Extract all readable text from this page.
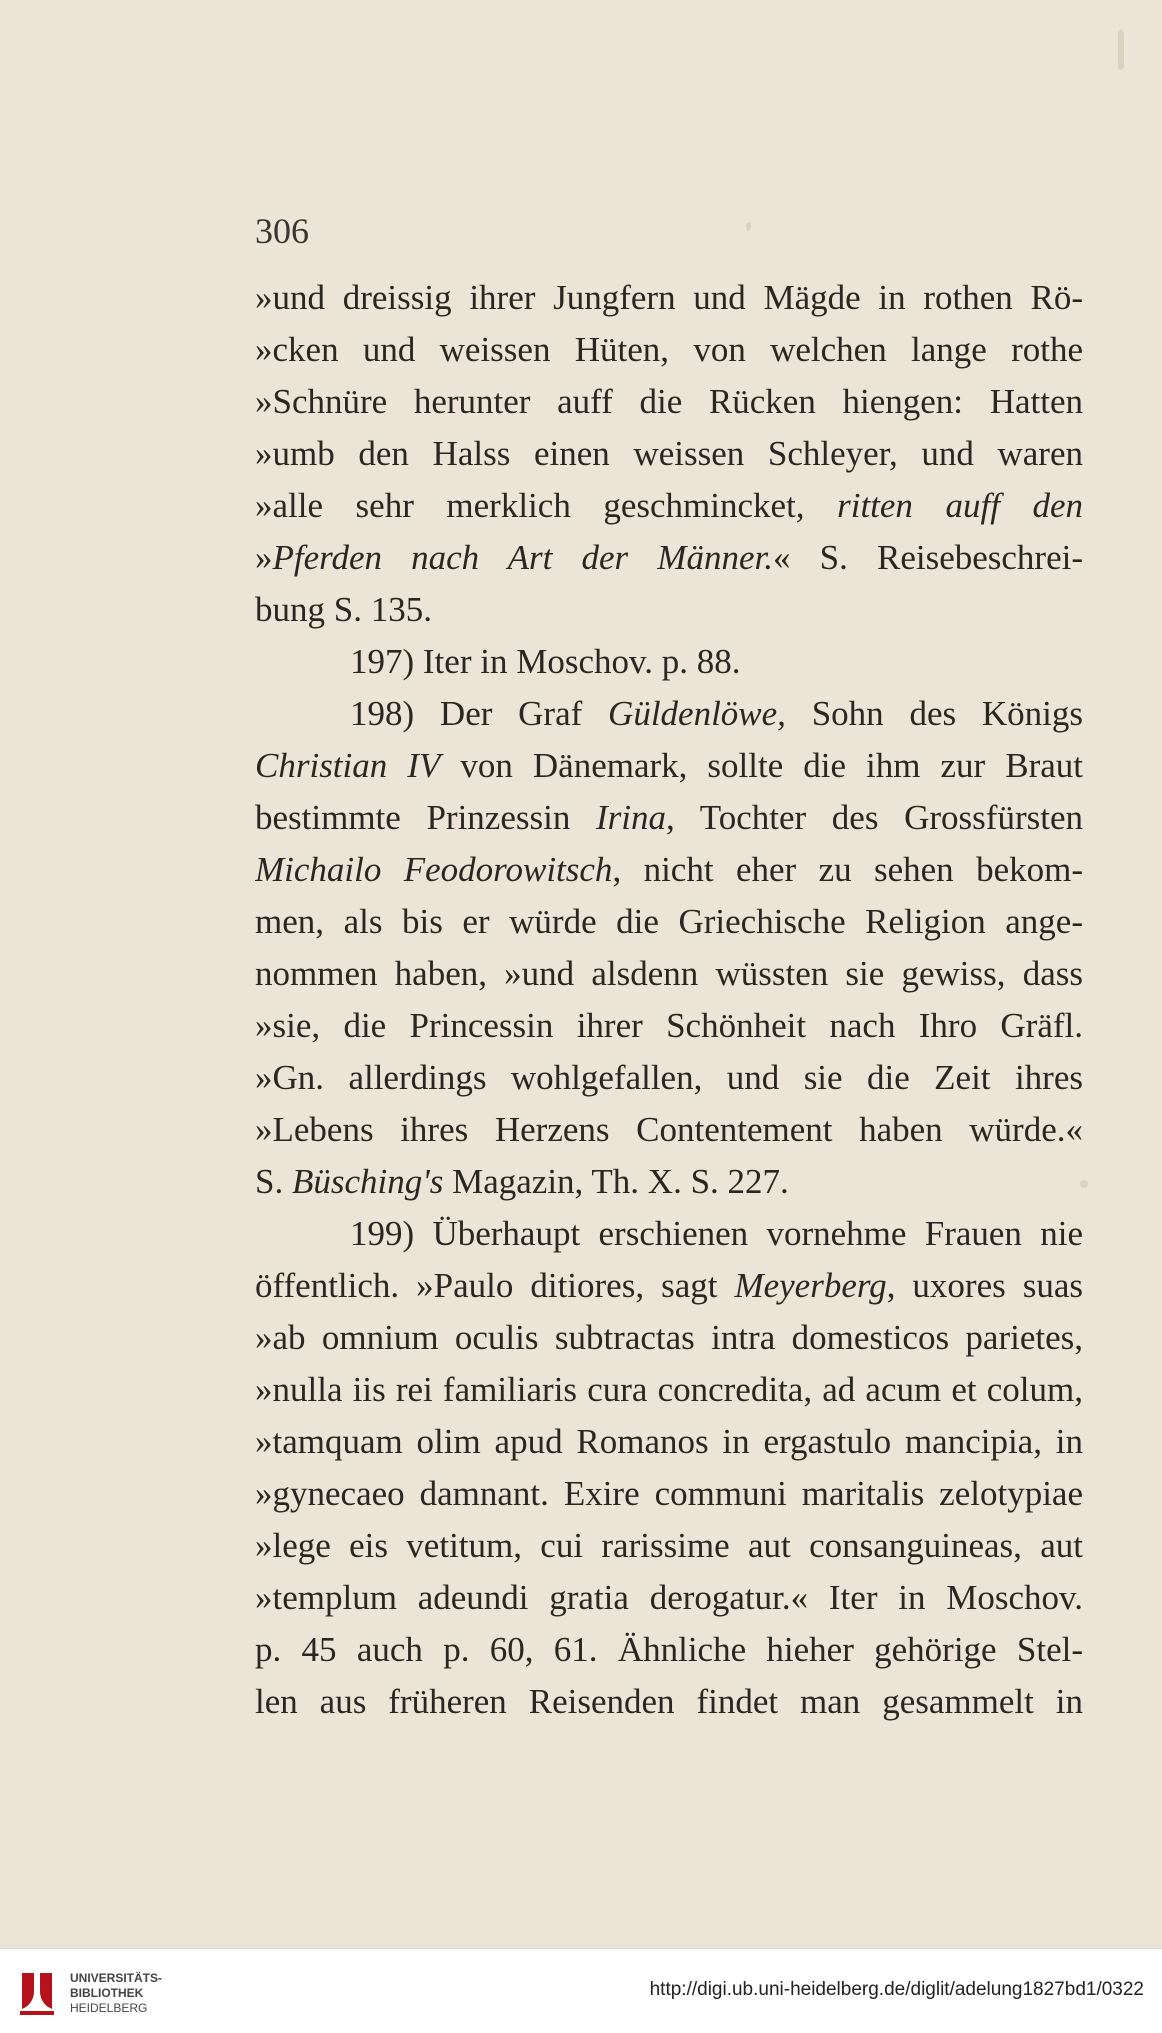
306
»und dreissig ihrer Jungfern und Mägde in rothen Rö-
»cken und weissen Hüten, von welchen lange rothe
»Schnüre herunter auff die Rücken hiengen: Hatten
»umb den Halss einen weissen Schleyer, und waren
»alle sehr merklich geschmincket, ritten auff den
»Pferden nach Art der Männer.« S. Reisebeschrei-
bung S. 135.
197) Iter in Moschov. p. 88.
198) Der Graf Güldenlöwe, Sohn des Königs
Christian IV von Dänemark, sollte die ihm zur Braut
bestimmte Prinzessin Irina, Tochter des Grossfürsten
Michailo Feodorowitsch, nicht eher zu sehen bekom-
men, als bis er würde die Griechische Religion ange-
nommen haben, »und alsdenn wüssten sie gewiss, dass
»sie, die Princessin ihrer Schönheit nach Ihro Gräfl.
»Gn. allerdings wohlgefallen, und sie die Zeit ihres
»Lebens ihres Herzens Contentement haben würde.«
S. Büsching's Magazin, Th. X. S. 227.
199) Überhaupt erschienen vornehme Frauen nie
öffentlich. »Paulo ditiores, sagt Meyerberg, uxores suas
»ab omnium oculis subtractas intra domesticos parietes,
»nulla iis rei familiaris cura concredita, ad acum et colum,
»tamquam olim apud Romanos in ergastulo mancipia, in
»gynecaeo damnant. Exire communi maritalis zelotypiae
»lege eis vetitum, cui rarissime aut consanguineas, aut
»templum adeundi gratia derogatur.« Iter in Moschov.
p. 45 auch p. 60, 61. Ähnliche hieher gehörige Stel-
len aus früheren Reisenden findet man gesammelt in
UNIVERSITÄTS-
BIBLIOTHEK
HEIDELBERG
http://digi.ub.uni-heidelberg.de/diglit/adelung1827bd1/0322
